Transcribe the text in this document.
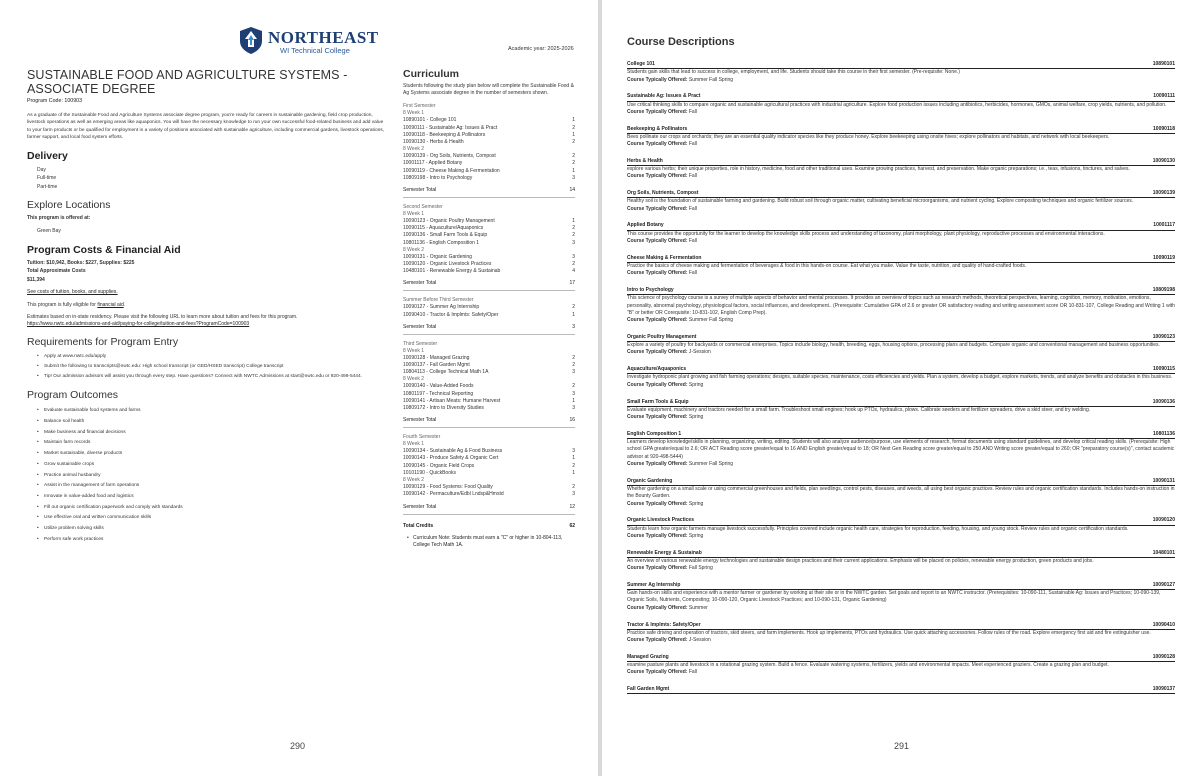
NORTHEAST
WI Technical College	Academic year: 2025-2026
SUSTAINABLE FOOD AND AGRICULTURE SYSTEMS - ASSOCIATE DEGREE
Program Code: 100903

As a graduate of the Sustainable Food and Agriculture Systems associate degree program, you're ready for careers in sustainable gardening, field crop production, livestock operations as well as emerging areas like aquaponics. You will have the necessary knowledge to run your own successful food-related business and add value to your farm products or be qualified for employment in a variety of positions associated with sustainable agriculture, including commercial gardens, livestock operations, farmer support, and local food system efforts.

Delivery
Day
Full-time
Part-time
Explore Locations
This program is offered at:
Green Bay
Program Costs & Financial Aid
Tuition: $10,942, Books: $227, Supplies: $225
Total Approximate Costs
$11,394
See costs of tuition, books, and supplies.
This program is fully eligible for financial aid.
Estimates based on in-state residency. Please visit the following URL to learn more about tuition and fees for this program.
https://www.nwtc.edu/admissions-and-aid/paying-for-college/tuition-and-fees?ProgramCode=100903
Requirements for Program Entry
• Apply at www.nwtc.edu/apply
• Submit the following to transcripts@nwtc.edu: High school transcript (or GED/HSED transcript) College transcript
• Tip! Our admission advisors will assist you through every step. Have questions? Connect with NWTC Admissions at start@nwtc.edu or 920-498-5444.
Program Outcomes
• Evaluate sustainable food systems and farms
• Balance soil health
• Make business and financial decisions
• Maintain farm records
• Market sustainable, diverse products
• Grow sustainable crops
• Practice animal husbandry
• Assist in the management of farm operations
• Innovate in value-added food and logistics
• Fill out organic certification paperwork and comply with standards
• Use effective oral and written communication skills
• Utilize problem solving skills
• Perform safe work practices
Curriculum

Students following the study plan below will complete the Sustainable Food & Ag Systems associate degree in the number of semesters shown.

First Semester
8 Week 1
10890101 - College 101	1
10090111 - Sustainable Ag: Issues & Pract	2
10090118 - Beekeeping & Pollinators	1
10090130 - Herbs & Health	2
8 Week 2
10090139 - Org Soils, Nutrients, Compost	2
10001117 - Applied Botany	2
10090119 - Cheese Making & Fermentation	1
10809198 - Intro to Psychology	3
Semester Total	14
Second Semester
8 Week 1
10090123 - Organic Poultry Management	1
10090115 - Aquaculture/Aquaponics	2
10090136 - Small Farm Tools & Equip	2
10801136 - English Composition 1	3
8 Week 2
10090131 - Organic Gardening	3
10090120 - Organic Livestock Practices	2
10480101 - Renewable Energy & Sustainab	4
Semester Total	17
Summer Before Third Semester
10090127 - Summer Ag Internship	2
10090410 - Tractor & Implmts: Safety/Oper	1
Semester Total	3
Third Semester
8 Week 1
10090128 - Managed Grazing	2
10090137 - Fall Garden Mgmt	2
10804113 - College Technical Math 1A	3
8 Week 2
10090140 - Value-Added Foods	2
10801197 - Technical Reporting	3
10090141 - Artisan Meats: Humane Harvest	1
10809172 - Intro to Diversity Studies	3
Semester Total	16
Fourth Semester
8 Week 1
10090134 - Sustainable Ag & Food Business	3
10090143 - Produce Safety & Organic Cert	1
10090145 - Organic Field Crops	2
10101190 - QuickBooks	1
8 Week 2
10090129 - Food Systems: Food Quality	2
10090142 - Permaculture/Edbl Lndsp&Hmstd	3
Semester Total	12
Total Credits	62
• Curriculum Note: Students must earn a "C" or higher in 10-804-113, College Tech Math 1A.
290
Course Descriptions
College 101	10890101
Students gain skills that lead to success in college, employment, and life. Students should take this course in their first semester. (Pre-requisite: None.)
Course Typically Offered: Summer Fall Spring
Sustainable Ag: Issues & Pract	10090111
Use critical thinking skills to compare organic and sustainable agricultural practices with industrial agriculture. Explore food production issues including antibiotics, herbicides, hormones, GMOs, animal welfare, crop yields, nutrients, and pollution.
Course Typically Offered: Fall
Beekeeping & Pollinators	10090118
Bees pollinate our crops and orchards; they are an essential quality indicator species like they produce honey. Explore beekeeping using onsite hives; explore pollinators and habitats, and network with local beekeepers.
Course Typically Offered: Fall
Herbs & Health	10090130
explore various herbs; their unique properties, role in history, medicine, food and other traditional uses. Examine growing practices, harvest, and preservation. Make organic preparations; i.e., teas, infusions, tinctures, and salves.
Course Typically Offered: Fall
Org Soils, Nutrients, Compost	10090139
Healthy soil is the foundation of sustainable farming and gardening. Build robust soil through organic matter, cultivating beneficial microorganisms, and nutrient cycling. Explore composting techniques and organic fertilizer sources.
Course Typically Offered: Fall
Applied Botany	10001117
This course provides the opportunity for the learner to develop the knowledge skills process and understanding of taxonomy, plant morphology, plant physiology, reproductive processes and environmental interactions.
Course Typically Offered: Fall
Cheese Making & Fermentation	10090119
Practice the basics of cheese making and fermentation of beverages & food in this hands-on course. Eat what you make. Value the taste, nutrition, and quality of hand-crafted foods.
Course Typically Offered: Fall
Intro to Psychology	10809198
This science of psychology course is a survey of multiple aspects of behavior and mental processes. It provides an overview of topics such as research methods, theoretical perspectives, learning, cognition, memory, motivation, emotions, personality, abnormal psychology, physiological factors, social influences, and development.. (Prerequisite: Cumulative GPA of 2.6 or greater OR satisfactory reading and writing assessment score OR 10-831-107, College Reading and Writing 1 with "B" or better OR Corequisite: 10-831-102, English Comp Prep).
Course Typically Offered: Summer Fall Spring
Organic Poultry Management	10090123
Explore a variety of poultry for backyards or commercial enterprises. Topics include biology, health, breeding, eggs, housing options, processing plans and budgets. Compare organic and conventional management and business opportunities.
Course Typically Offered: J-Session
Aquaculture/Aquaponics	10090115
Investigate hydroponic plant growing and fish farming operations; designs, suitable species, maintenance, costs efficiencies and yields. Plan a system, develop a budget, explore markets, trends, and analyze benefits and obstacles in this business.
Course Typically Offered: Spring
Small Farm Tools & Equip	10090136
Evaluate equipment, machinery and tractors needed for a small farm. Troubleshoot small engines; hook up PTOs, hydraulics, plows. Calibrate seeders and fertilizer spreaders, drive a skid steer, and try welding.
Course Typically Offered: Spring
English Composition 1	10801136
Learners develop knowledge/skills in planning, organizing, writing, editing. Students will also analyze audience/purpose, use elements of research, format documents using standard guidelines, and develop critical reading skills. (Prerequisite: High school GPA greater/equal to 2.6; OR ACT Reading score greater/equal to 16 AND English greater/equal to 18; OR Next Gen Reading score greater/equal to 250 AND Writing score greater/equal to 260; OR "preparatory course(s)", contact academic advisor at 920-498-5444)
Course Typically Offered: Summer Fall Spring
Organic Gardening	10090131
Whether gardening on a small scale or using commercial greenhouses and fields, plan seedlings, control pests, diseases, and weeds, all using best organic practices. Review rules and organic certification standards. Includes hands-on instruction in the Bounty Garden.
Course Typically Offered: Spring
Organic Livestock Practices	10090120
Students learn how organic farmers manage livestock successfully. Principles covered include organic health care, strategies for reproduction, feeding, housing, and young stock. Review rules and organic certification standards.
Course Typically Offered: Spring
Renewable Energy & Sustainab	10480101
An overview of various renewable energy technologies and sustainable design practices and their current applications. Emphasis will be placed on policies, renewable energy production, green products and jobs.
Course Typically Offered: Fall Spring
Summer Ag Internship	10090127
Gain hands-on skills and experience with a mentor farmer or gardener by working at their site or in the NWTC garden. Set goals and report to an NWTC instructor. (Prerequisites: 10-090-111, Sustainable Ag: Issues and Practices; 10-090-139, Organic Soils, Nutrients, Composting; 10-090-120, Organic Livestock Practices; and 10-090-131, Organic Gardening)
Course Typically Offered: Summer
Tractor & Implmts: Safety/Oper	10090410
Practice safe driving and operation of tractors, skid steers, and farm implements. Hook up implements, PTOs and hydraulics. Use quick attaching accessories. Follow rules of the road. Explore emergency first aid and fire extinguisher use.
Course Typically Offered: J-Session
Managed Grazing	10090128
examine pasture plants and livestock in a rotational grazing system. Build a fence. Evaluate watering systems, fertilizers, yields and environmental impacts. Meet experienced graziers. Create a grazing plan and budget.
Course Typically Offered: Fall
Fall Garden Mgmt	10090137
291
